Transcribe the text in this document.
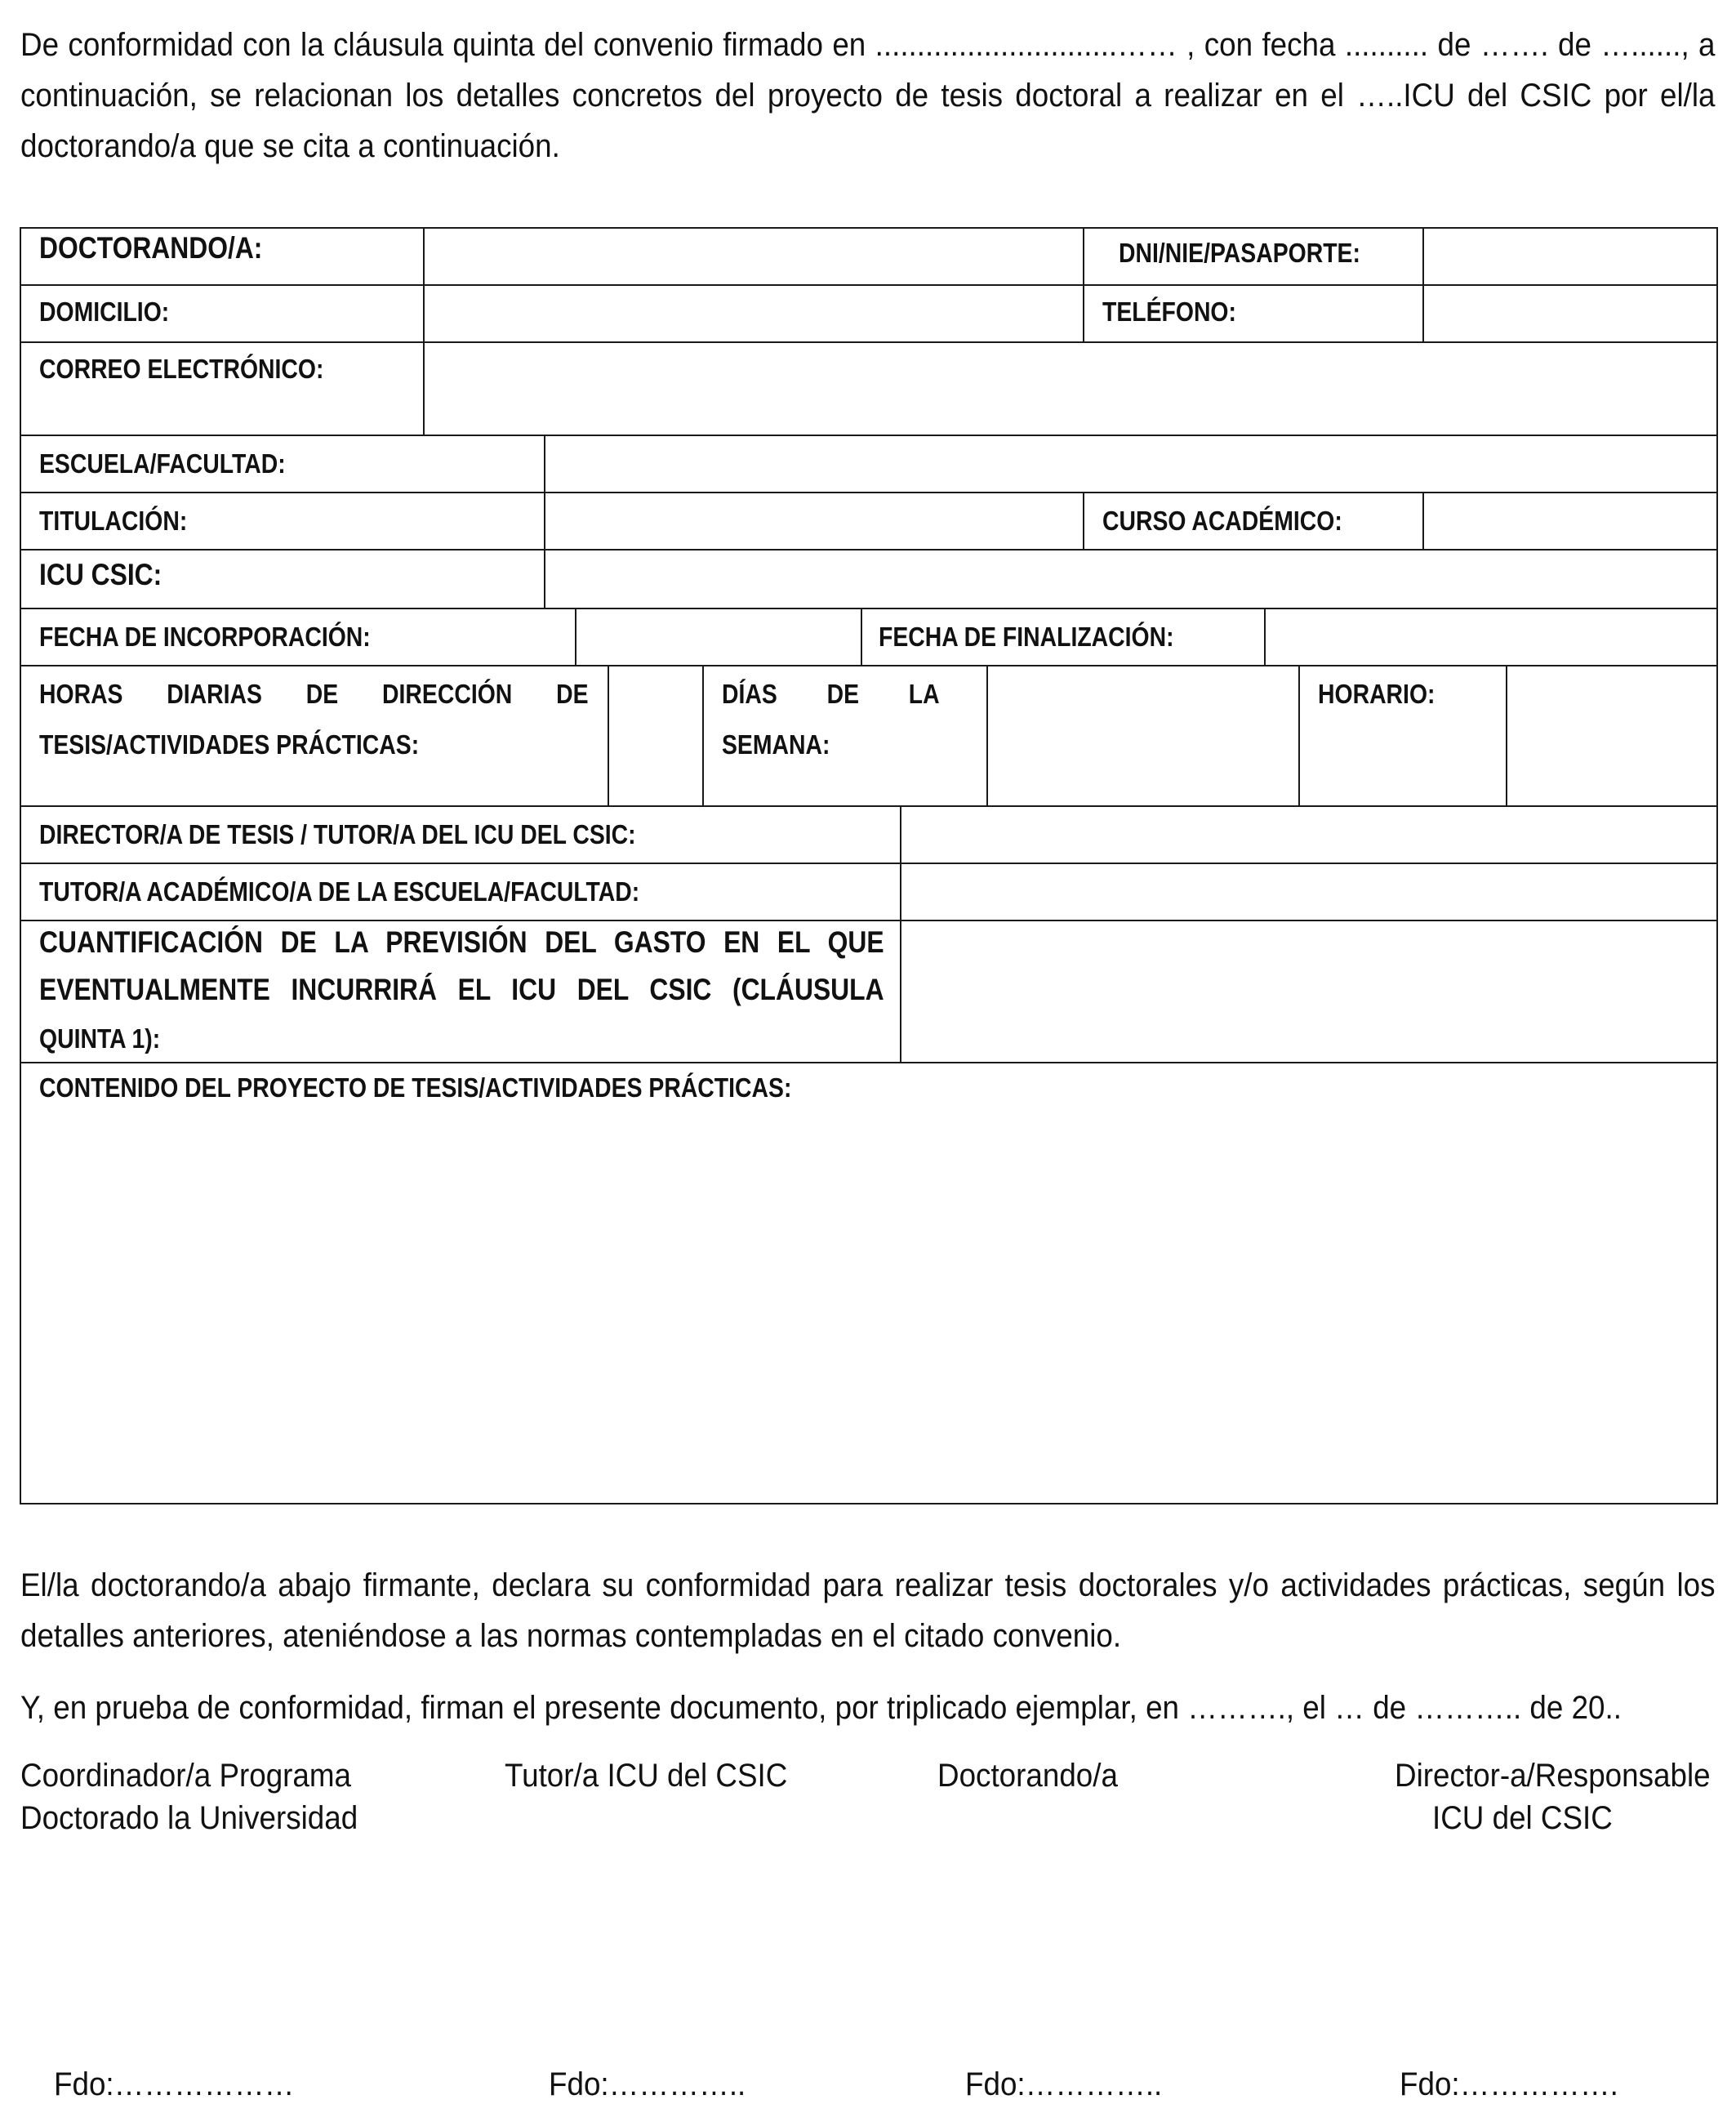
De conformidad con la cláusula quinta del convenio firmado en .............................…… , con fecha .......... de ……. de …......, a continuación, se relacionan los detalles concretos del proyecto de tesis doctoral a realizar en el …..ICU del CSIC por el/la doctorando/a que se cita a continuación.
DOCTORANDO/A:	DNI/NIE/PASAPORTE:
DOMICILIO:	TELÉFONO:
CORREO ELECTRÓNICO:
ESCUELA/FACULTAD:
TITULACIÓN:	CURSO ACADÉMICO:
ICU CSIC:
FECHA DE INCORPORACIÓN:	FECHA DE FINALIZACIÓN:
HORAS DIARIAS DE DIRECCIÓN DE
TESIS/ACTIVIDADES PRÁCTICAS:
DÍAS DE LA
SEMANA:
HORARIO:
DIRECTOR/A DE TESIS / TUTOR/A DEL ICU DEL CSIC:
TUTOR/A ACADÉMICO/A DE LA ESCUELA/FACULTAD:
CUANTIFICACIÓN DE LA PREVISIÓN DEL GASTO EN EL QUE
EVENTUALMENTE INCURRIRÁ EL ICU DEL CSIC (CLÁUSULA
QUINTA 1):
CONTENIDO DEL PROYECTO DE TESIS/ACTIVIDADES PRÁCTICAS:
El/la doctorando/a abajo firmante, declara su conformidad para realizar tesis doctorales y/o actividades prácticas, según los detalles anteriores, ateniéndose a las normas contempladas en el citado convenio.
Y, en prueba de conformidad, firman el presente documento, por triplicado ejemplar, en ………., el … de ……….. de 20..
Coordinador/a Programa
Doctorado la Universidad
Tutor/a ICU del CSIC	Doctorando/a	Director-a/Responsable
ICU del CSIC
Fdo:………………	Fdo:…………..	Fdo:…………..	Fdo:…………….
